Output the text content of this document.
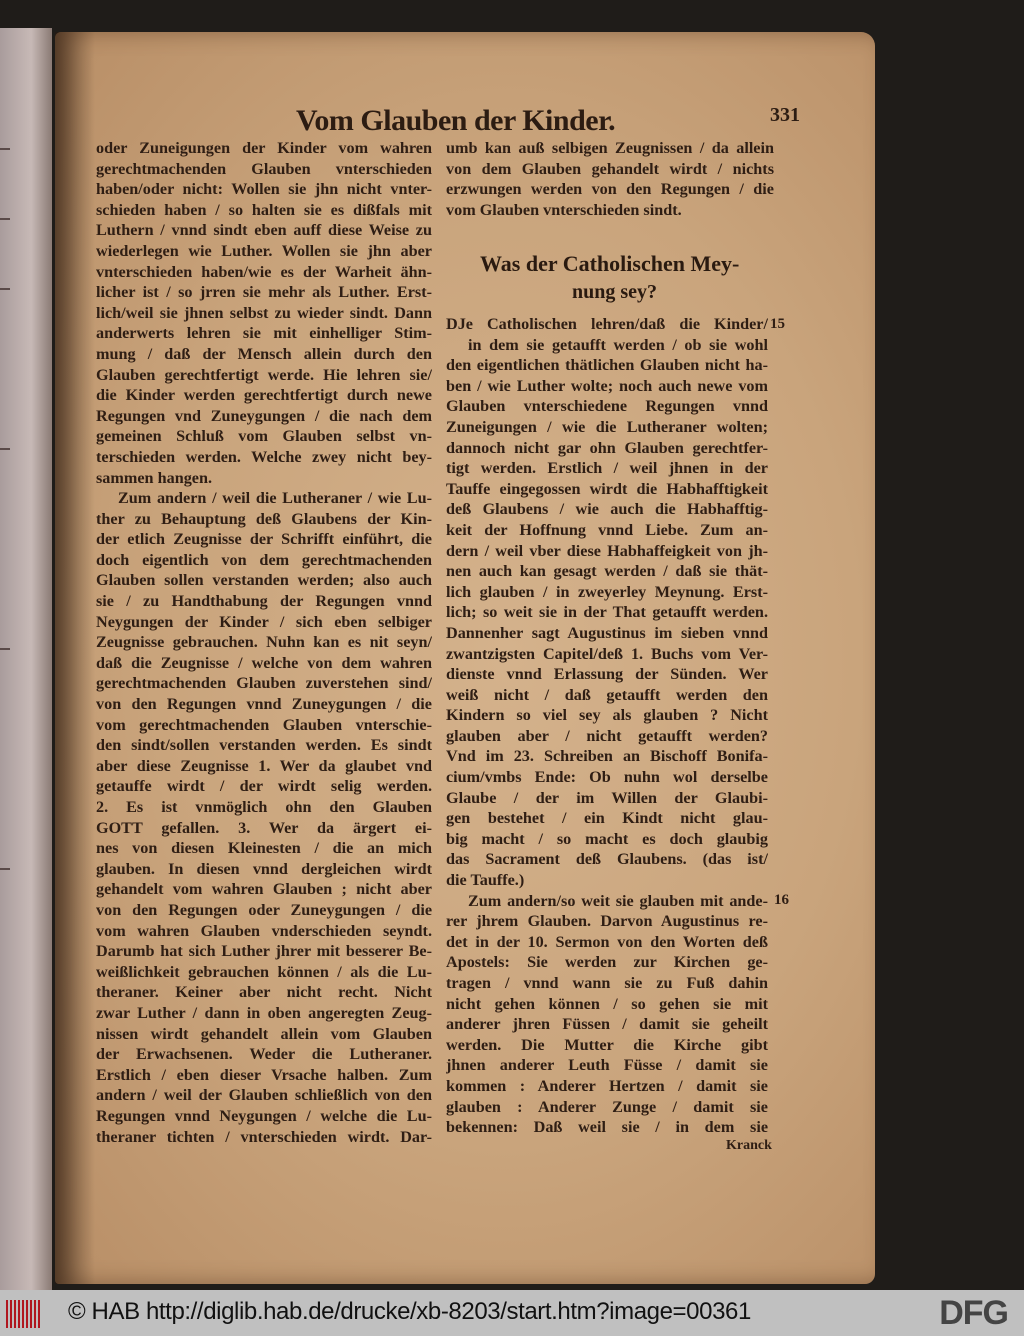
Vom Glauben der Kinder.	331
oder Zuneigungen der Kinder vom wahren
gerechtmachenden Glauben vnterschieden
haben/oder nicht: Wollen sie jhn nicht vnter-
schieden haben / so halten sie es dißfals mit
Luthern / vnnd sindt eben auff diese Weise zu
wiederlegen wie Luther. Wollen sie jhn aber
vnterschieden haben/wie es der Warheit ähn-
licher ist / so jrren sie mehr als Luther. Erst-
lich/weil sie jhnen selbst zu wieder sindt. Dann
anderwerts lehren sie mit einhelliger Stim-
mung / daß der Mensch allein durch den
Glauben gerechtfertigt werde. Hie lehren sie/
die Kinder werden gerechtfertigt durch newe
Regungen vnd Zuneygungen / die nach dem
gemeinen Schluß vom Glauben selbst vn-
terschieden werden. Welche zwey nicht bey-
sammen hangen.
Zum andern / weil die Lutheraner / wie Lu-
ther zu Behauptung deß Glaubens der Kin-
der etlich Zeugnisse der Schrifft einführt, die
doch eigentlich von dem gerechtmachenden
Glauben sollen verstanden werden; also auch
sie / zu Handthabung der Regungen vnnd
Neygungen der Kinder / sich eben selbiger
Zeugnisse gebrauchen. Nuhn kan es nit seyn/
daß die Zeugnisse / welche von dem wahren
gerechtmachenden Glauben zuverstehen sind/
von den Regungen vnnd Zuneygungen / die
vom gerechtmachenden Glauben vnterschie-
den sindt/sollen verstanden werden. Es sindt
aber diese Zeugnisse 1. Wer da glaubet vnd
getauffe wirdt / der wirdt selig werden.
2. Es ist vnmöglich ohn den Glauben
GOTT gefallen. 3. Wer da ärgert ei-
nes von diesen Kleinesten / die an mich
glauben. In diesen vnnd dergleichen wirdt
gehandelt vom wahren Glauben ; nicht aber
von den Regungen oder Zuneygungen / die
vom wahren Glauben vnderschieden seyndt.
Darumb hat sich Luther jhrer mit besserer Be-
weißlichkeit gebrauchen können / als die Lu-
theraner. Keiner aber nicht recht. Nicht
zwar Luther / dann in oben angeregten Zeug-
nissen wirdt gehandelt allein vom Glauben
der Erwachsenen. Weder die Lutheraner.
Erstlich / eben dieser Vrsache halben. Zum
andern / weil der Glauben schließlich von den
Regungen vnnd Neygungen / welche die Lu-
theraner tichten / vnterschieden wirdt. Dar-
umb kan auß selbigen Zeugnissen / da allein
von dem Glauben gehandelt wirdt / nichts
erzwungen werden von den Regungen / die
vom Glauben vnterschieden sindt.
Was der Catholischen Mey-
nung sey?
DJe Catholischen lehren/daß die Kinder/
in dem sie getaufft werden / ob sie wohl
den eigentlichen thätlichen Glauben nicht ha-
ben / wie Luther wolte; noch auch newe vom
Glauben vnterschiedene Regungen vnnd
Zuneigungen / wie die Lutheraner wolten;
dannoch nicht gar ohn Glauben gerechtfer-
tigt werden. Erstlich / weil jhnen in der
Tauffe eingegossen wirdt die Habhafftigkeit
deß Glaubens / wie auch die Habhafftig-
keit der Hoffnung vnnd Liebe. Zum an-
dern / weil vber diese Habhaffeigkeit von jh-
nen auch kan gesagt werden / daß sie thät-
lich glauben / in zweyerley Meynung. Erst-
lich; so weit sie in der That getaufft werden.
Dannenher sagt Augustinus im sieben vnnd
zwantzigsten Capitel/deß 1. Buchs vom Ver-
dienste vnnd Erlassung der Sünden. Wer
weiß nicht / daß getaufft werden den
Kindern so viel sey als glauben ? Nicht
glauben aber / nicht getaufft werden?
Vnd im 23. Schreiben an Bischoff Bonifa-
cium/vmbs Ende: Ob nuhn wol derselbe
Glaube / der im Willen der Glaubi-
gen bestehet / ein Kindt nicht glau-
big macht / so macht es doch glaubig
das Sacrament deß Glaubens. (das ist/
die Tauffe.)
Zum andern/so weit sie glauben mit ande-
rer jhrem Glauben. Darvon Augustinus re-
det in der 10. Sermon von den Worten deß
Apostels: Sie werden zur Kirchen ge-
tragen / vnnd wann sie zu Fuß dahin
nicht gehen können / so gehen sie mit
anderer jhren Füssen / damit sie geheilt
werden. Die Mutter die Kirche gibt
jhnen anderer Leuth Füsse / damit sie
kommen : Anderer Hertzen / damit sie
glauben : Anderer Zunge / damit sie
bekennen: Daß weil sie / in dem sie
15
16
Kranck
© HAB http://diglib.hab.de/drucke/xb-8203/start.htm?image=00361	DFG
